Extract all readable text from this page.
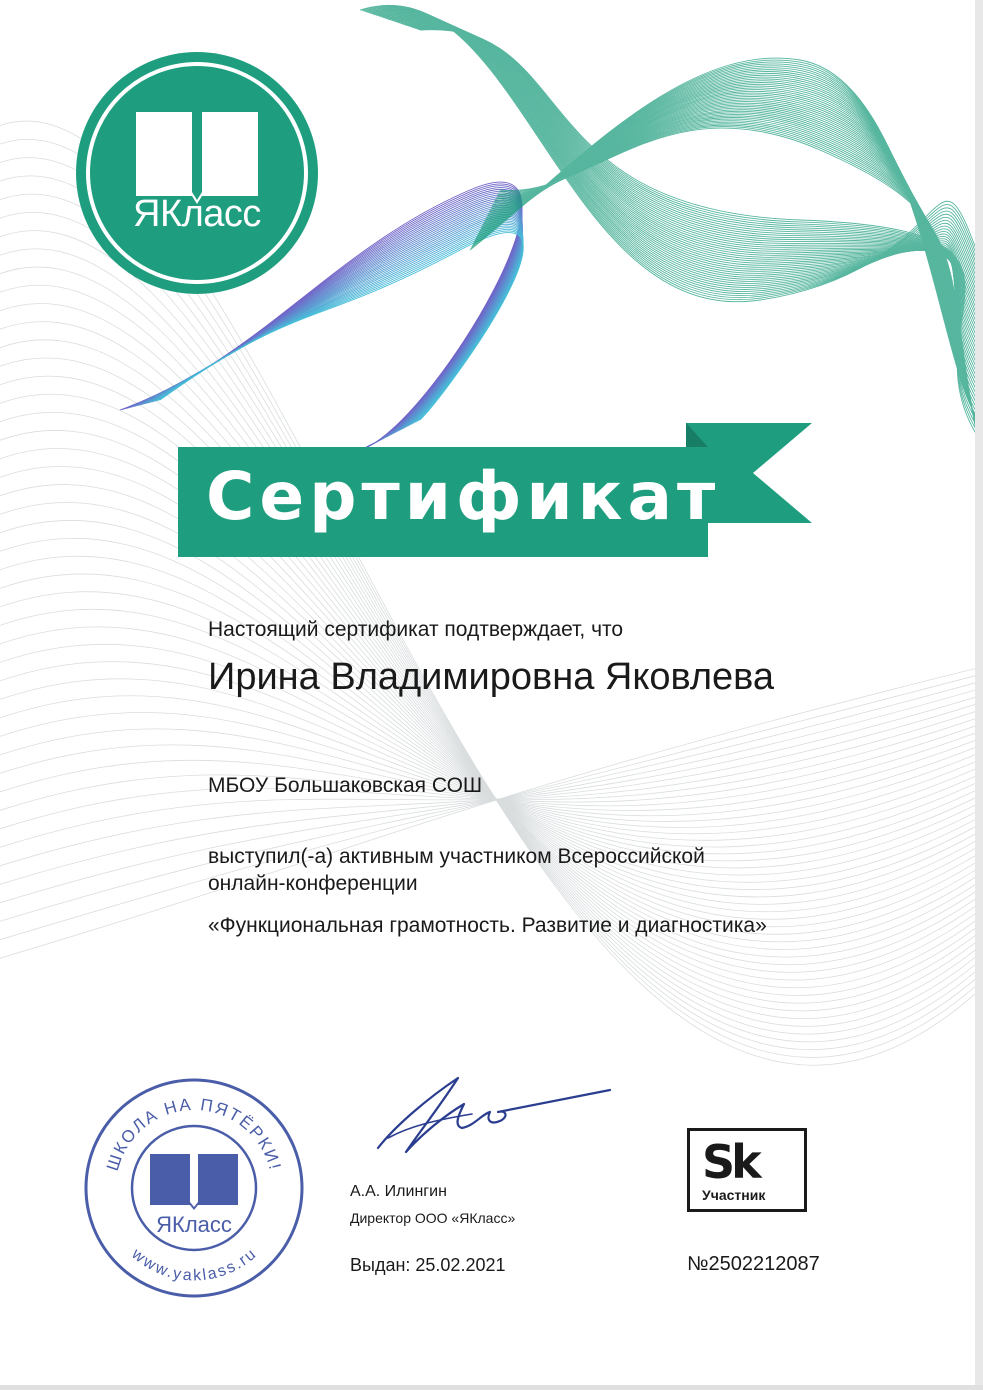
ЯКласс
Сертификат
Настоящий сертификат подтверждает, что
Ирина Владимировна Яковлева
МБОУ Большаковская СОШ
выступил(-а) активным участником Всероссийской
онлайн-конференции
«Функциональная грамотность. Развитие и диагностика»
ШКОЛА НА ПЯТЁРКИ!
www.yaklass.ru
ЯКласс
А.А. Илингин
Директор ООО «ЯКласс»
Выдан: 25.02.2021
Sk
Участник
№2502212087
